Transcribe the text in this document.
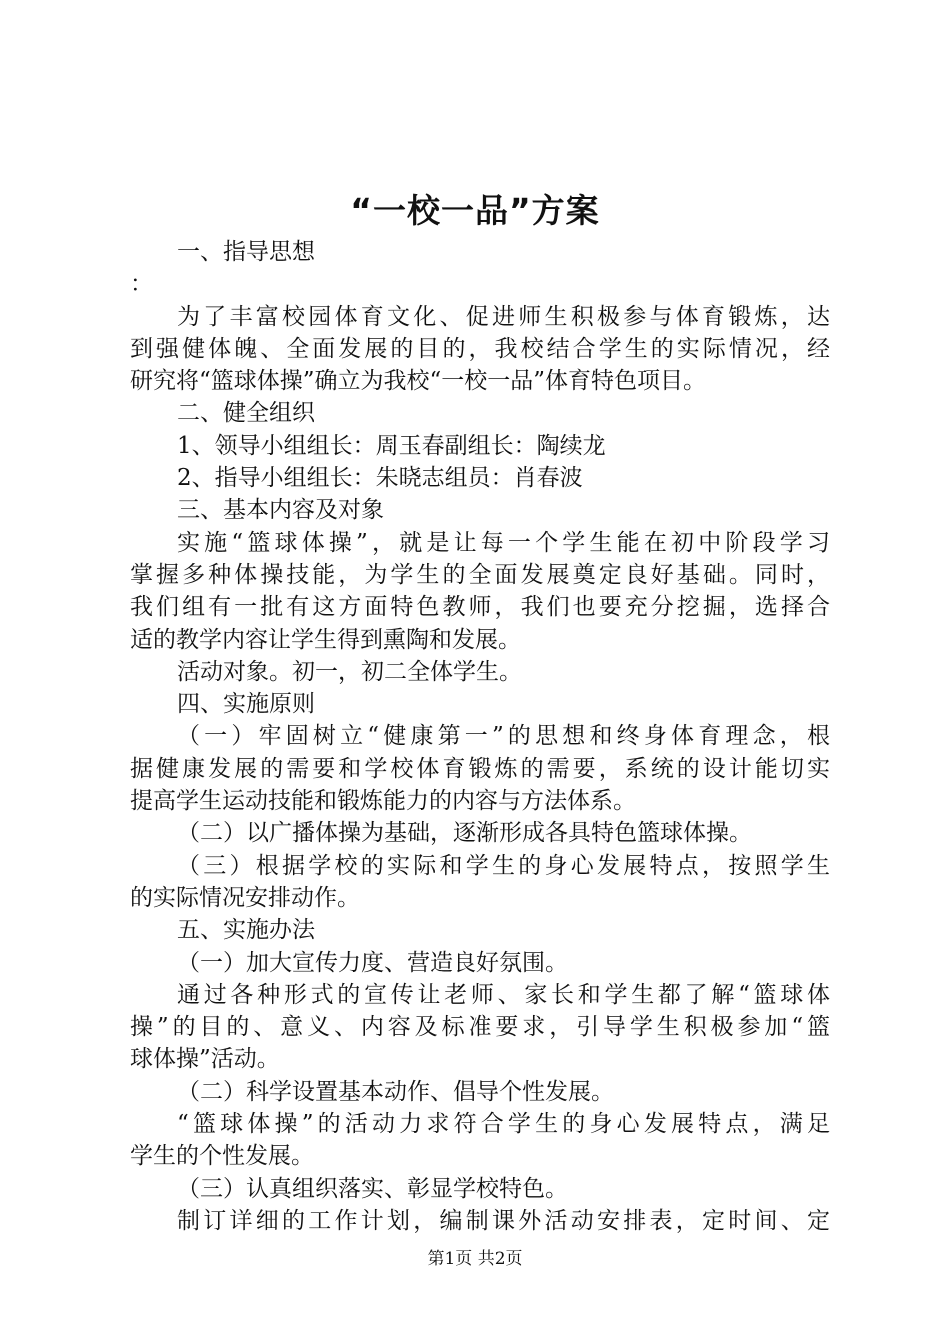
“一校一品”方案
一、指导思想
：
为了丰富校园体育文化、促进师生积极参与体育锻炼，达
到强健体魄、全面发展的目的，我校结合学生的实际情况，经
研究将“篮球体操”确立为我校“一校一品”体育特色项目。
二、健全组织
1、领导小组组长：周玉春副组长：陶续龙
2、指导小组组长：朱晓志组员：肖春波
三、基本内容及对象
实施“篮球体操”，就是让每一个学生能在初中阶段学习
掌握多种体操技能，为学生的全面发展奠定良好基础。同时，
我们组有一批有这方面特色教师，我们也要充分挖掘，选择合
适的教学内容让学生得到熏陶和发展。
活动对象。初一，初二全体学生。
四、实施原则
（一）牢固树立“健康第一”的思想和终身体育理念，根
据健康发展的需要和学校体育锻炼的需要，系统的设计能切实
提高学生运动技能和锻炼能力的内容与方法体系。
（二）以广播体操为基础，逐渐形成各具特色篮球体操。
（三）根据学校的实际和学生的身心发展特点，按照学生
的实际情况安排动作。
五、实施办法
（一）加大宣传力度、营造良好氛围。
通过各种形式的宣传让老师、家长和学生都了解“篮球体
操”的目的、意义、内容及标准要求，引导学生积极参加“篮
球体操”活动。
（二）科学设置基本动作、倡导个性发展。
“篮球体操”的活动力求符合学生的身心发展特点，满足
学生的个性发展。
（三）认真组织落实、彰显学校特色。
制订详细的工作计划，编制课外活动安排表，定时间、定
第1页 共2页
